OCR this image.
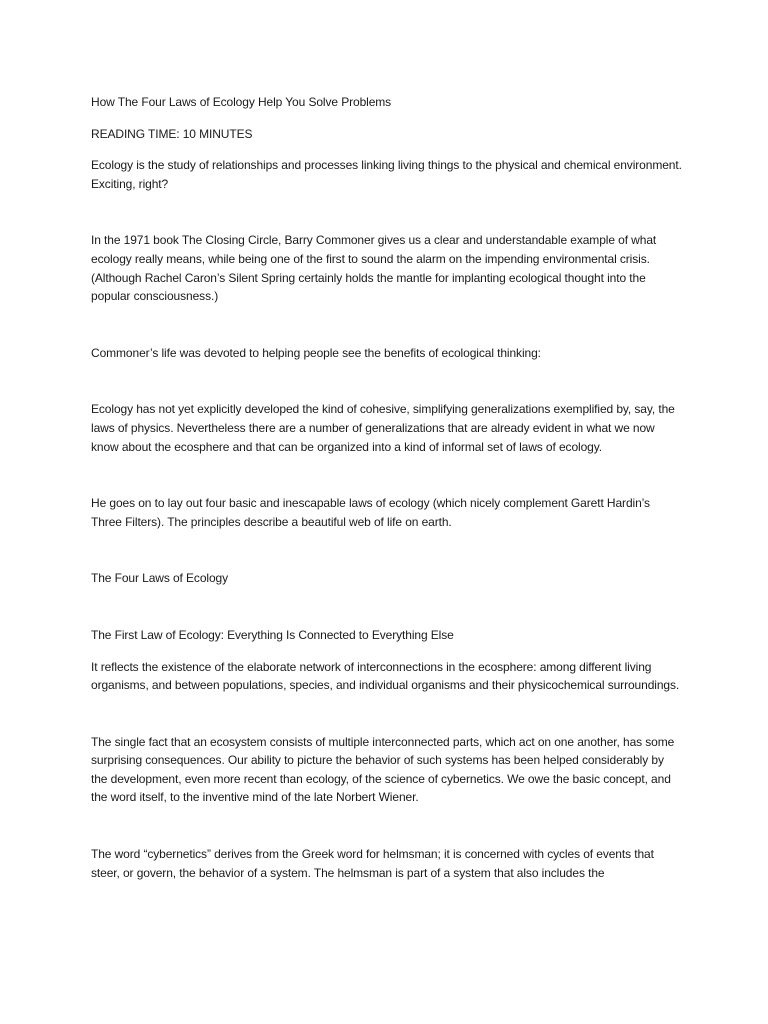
How The Four Laws of Ecology Help You Solve Problems

READING TIME: 10 MINUTES

Ecology is the study of relationships and processes linking living things to the physical and chemical environment. Exciting, right?

In the 1971 book The Closing Circle, Barry Commoner gives us a clear and understandable example of what ecology really means, while being one of the first to sound the alarm on the impending environmental crisis. (Although Rachel Caron’s Silent Spring certainly holds the mantle for implanting ecological thought into the popular consciousness.)

Commoner’s life was devoted to helping people see the benefits of ecological thinking:

Ecology has not yet explicitly developed the kind of cohesive, simplifying generalizations exemplified by, say, the laws of physics. Nevertheless there are a number of generalizations that are already evident in what we now know about the ecosphere and that can be organized into a kind of informal set of laws of ecology.

He goes on to lay out four basic and inescapable laws of ecology (which nicely complement Garett Hardin’s Three Filters). The principles describe a beautiful web of life on earth.

The Four Laws of Ecology

The First Law of Ecology: Everything Is Connected to Everything Else

It reflects the existence of the elaborate network of interconnections in the ecosphere: among different living organisms, and between populations, species, and individual organisms and their physicochemical surroundings.

The single fact that an ecosystem consists of multiple interconnected parts, which act on one another, has some surprising consequences. Our ability to picture the behavior of such systems has been helped considerably by the development, even more recent than ecology, of the science of cybernetics. We owe the basic concept, and the word itself, to the inventive mind of the late Norbert Wiener.

The word “cybernetics” derives from the Greek word for helmsman; it is concerned with cycles of events that steer, or govern, the behavior of a system. The helmsman is part of a system that also includes the
